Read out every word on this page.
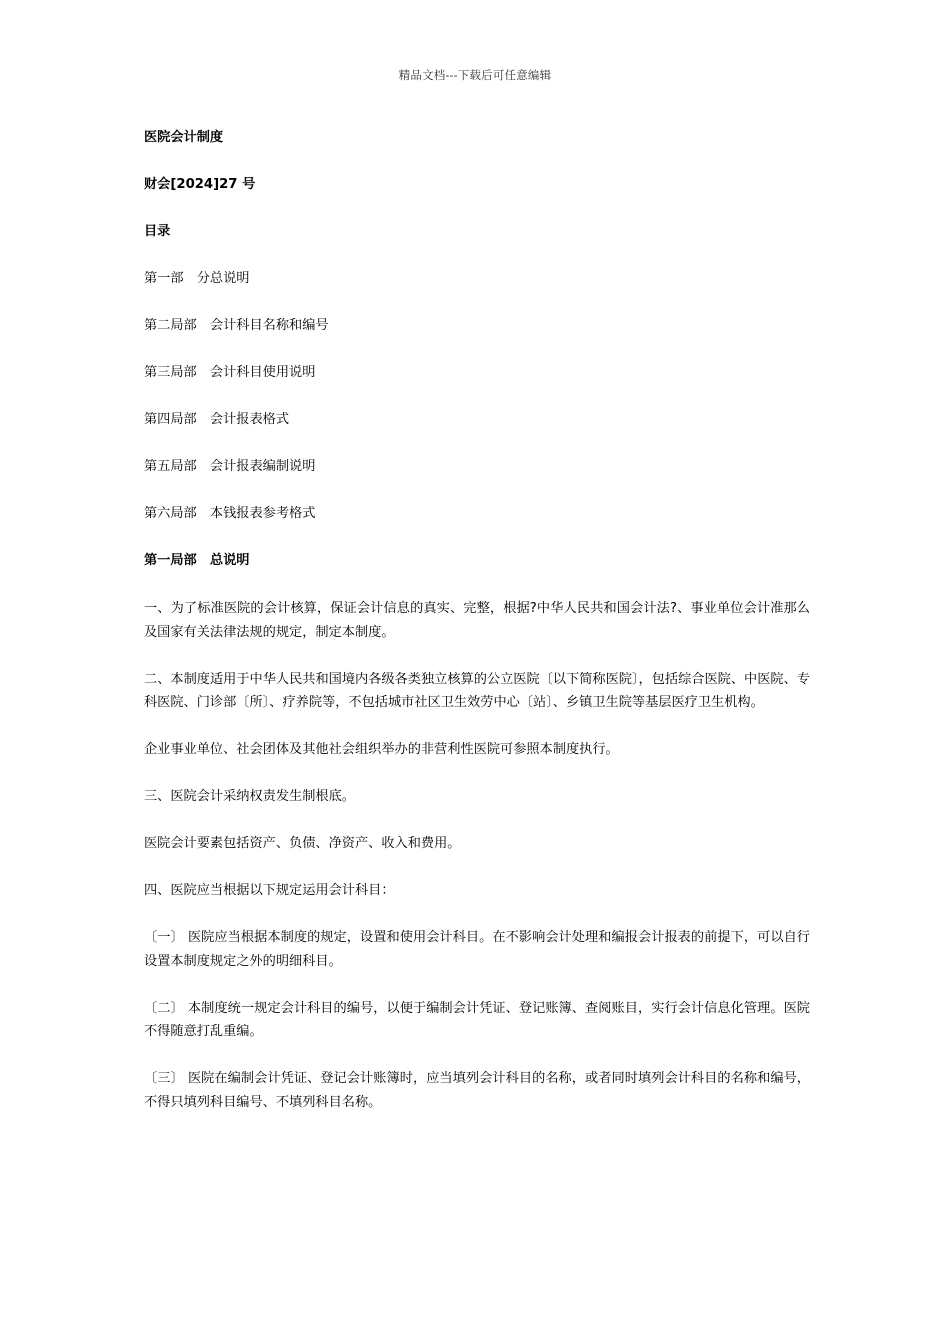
精品文档---下载后可任意编辑
医院会计制度
财会[2024]27 号
目录
第一部　分总说明
第二局部　会计科目名称和编号
第三局部　会计科目使用说明
第四局部　会计报表格式
第五局部　会计报表编制说明
第六局部　本钱报表参考格式
第一局部　总说明
一、为了标准医院的会计核算，保证会计信息的真实、完整，根据?中华人民共和国会计法?、事业单位会计准那么及国家有关法律法规的规定，制定本制度。
二、本制度适用于中华人民共和国境内各级各类独立核算的公立医院〔以下简称医院〕，包括综合医院、中医院、专科医院、门诊部〔所〕、疗养院等，不包括城市社区卫生效劳中心〔站〕、乡镇卫生院等基层医疗卫生机构。
企业事业单位、社会团体及其他社会组织举办的非营利性医院可参照本制度执行。
三、医院会计采纳权责发生制根底。
医院会计要素包括资产、负债、净资产、收入和费用。
四、医院应当根据以下规定运用会计科目：
〔一〕 医院应当根据本制度的规定，设置和使用会计科目。在不影响会计处理和编报会计报表的前提下，可以自行设置本制度规定之外的明细科目。
〔二〕 本制度统一规定会计科目的编号，以便于编制会计凭证、登记账簿、查阅账目，实行会计信息化管理。医院不得随意打乱重编。
〔三〕 医院在编制会计凭证、登记会计账簿时，应当填列会计科目的名称，或者同时填列会计科目的名称和编号，不得只填列科目编号、不填列科目名称。
